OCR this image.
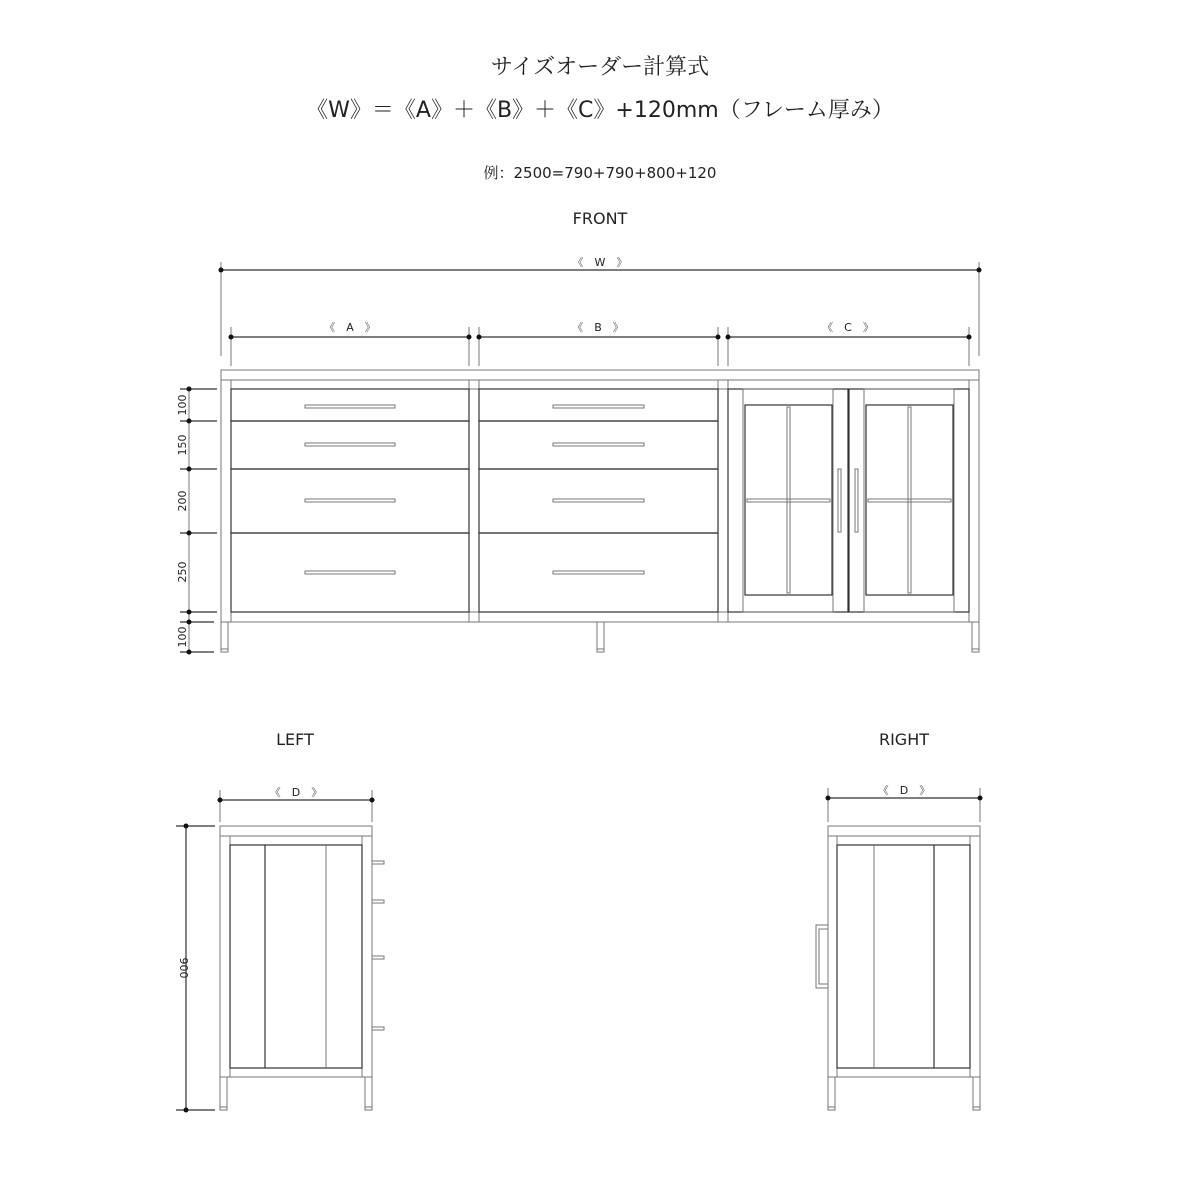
サイズオーダー計算式
《W》＝《A》＋《B》＋《C》+120mm（フレーム厚み）
例：2500=790+790+800+120
FRONT
《　W　》
《　A　》	《　B　》	《　C　》
100
150
200
250
100
LEFT
《　D　》
900
RIGHT
《　D　》
